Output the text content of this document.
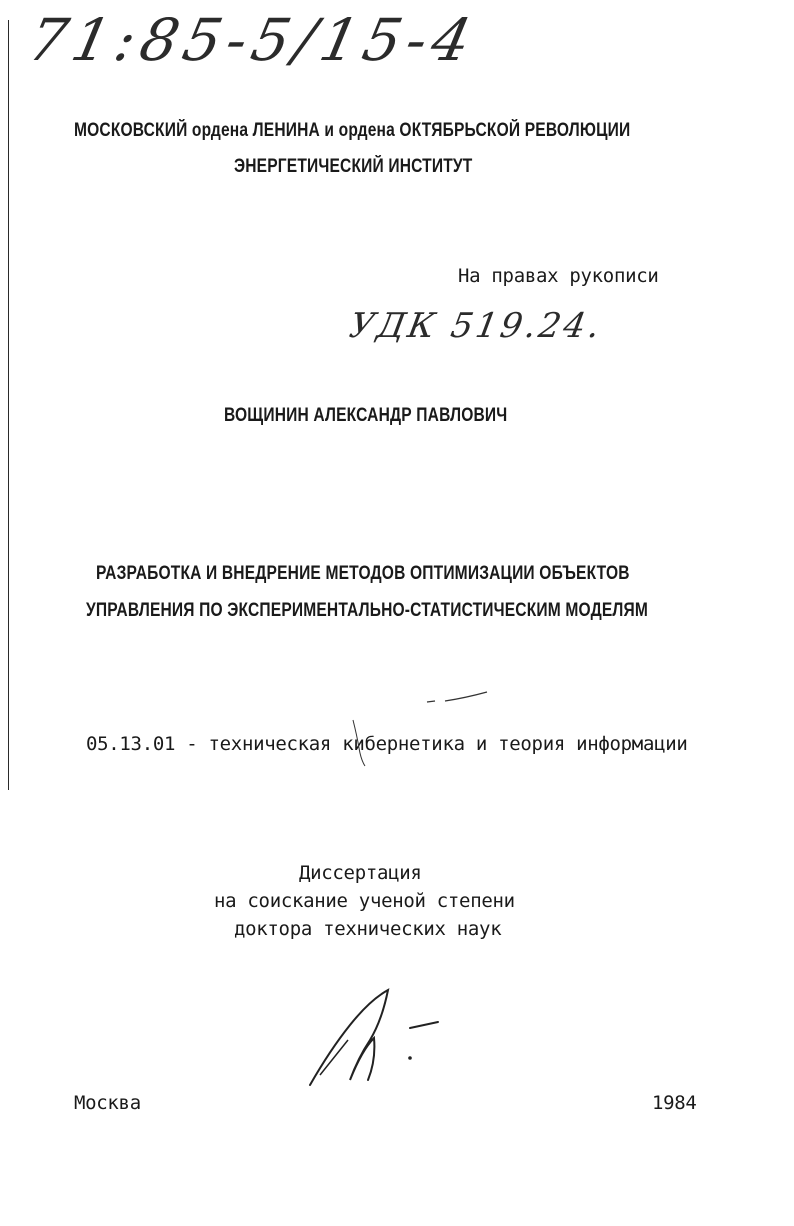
71:85-5/15-4
МОСКОВСКИЙ ордена ЛЕНИНА и ордена ОКТЯБРЬСКОЙ РЕВОЛЮЦИИ
ЭНЕРГЕТИЧЕСКИЙ ИНСТИТУТ
На правах рукописи
УДК 519.24.
ВОЩИНИН АЛЕКСАНДР ПАВЛОВИЧ
РАЗРАБОТКА И ВНЕДРЕНИЕ МЕТОДОВ ОПТИМИЗАЦИИ ОБЪЕКТОВ
УПРАВЛЕНИЯ ПО ЭКСПЕРИМЕНТАЛЬНО-СТАТИСТИЧЕСКИМ МОДЕЛЯМ
05.13.01 - техническая кибернетика и теория информации
Диссертация
на соискание ученой степени
доктора технических наук
Москва	1984
